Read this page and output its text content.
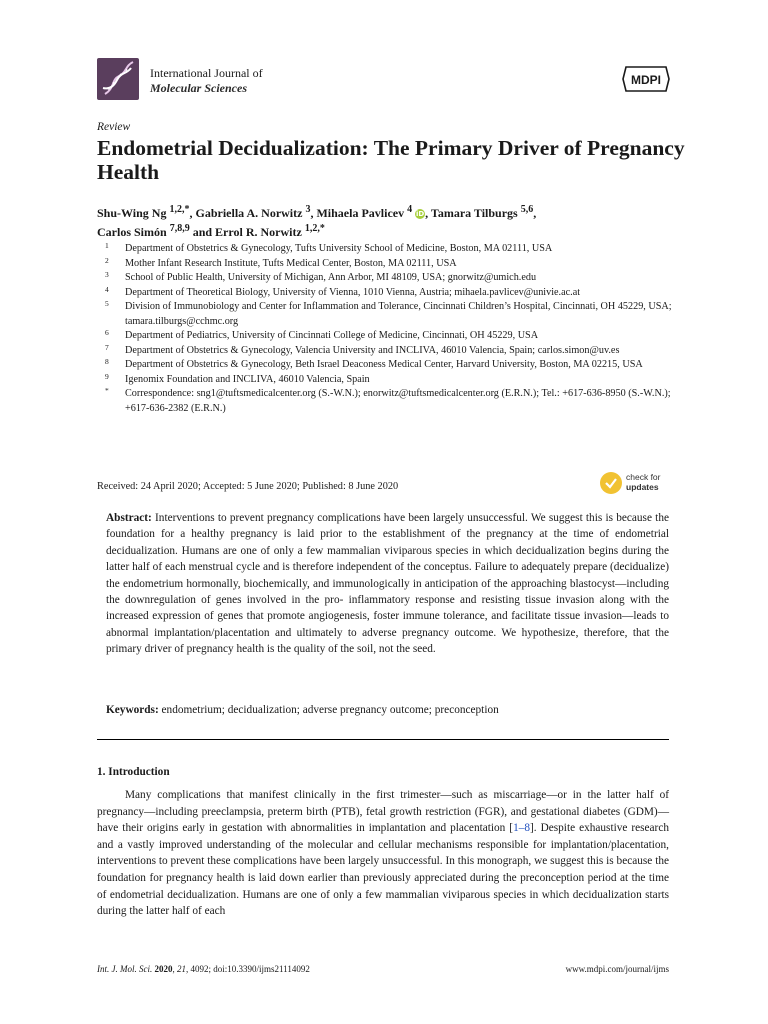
International Journal of
Molecular Sciences
MDPI
Review
Endometrial Decidualization: The Primary Driver of Pregnancy Health
Shu-Wing Ng $^{1,2,*}$, Gabriella A. Norwitz $^3$, Mihaela Pavlicev $^4$ iD, Tamara Tilburgs $^{5,6}$,
Carlos Simón $^{7,8,9}$ and Errol R. Norwitz $^{1,2,*}$
1 Department of Obstetrics & Gynecology, Tufts University School of Medicine, Boston, MA 02111, USA
2 Mother Infant Research Institute, Tufts Medical Center, Boston, MA 02111, USA
3 School of Public Health, University of Michigan, Ann Arbor, MI 48109, USA; gnorwitz@umich.edu
4 Department of Theoretical Biology, University of Vienna, 1010 Vienna, Austria; mihaela.pavlicev@univie.ac.at
5 Division of Immunobiology and Center for Inflammation and Tolerance, Cincinnati Children’s Hospital, Cincinnati, OH 45229, USA; tamara.tilburgs@cchmc.org
6 Department of Pediatrics, University of Cincinnati College of Medicine, Cincinnati, OH 45229, USA
7 Department of Obstetrics & Gynecology, Valencia University and INCLIVA, 46010 Valencia, Spain; carlos.simon@uv.es
8 Department of Obstetrics & Gynecology, Beth Israel Deaconess Medical Center, Harvard University, Boston, MA 02215, USA
9 Igenomix Foundation and INCLIVA, 46010 Valencia, Spain
* Correspondence: sng1@tuftsmedicalcenter.org (S.-W.N.); enorwitz@tuftsmedicalcenter.org (E.R.N.); Tel.: +617-636-8950 (S.-W.N.); +617-636-2382 (E.R.N.)
check for
updates
Received: 24 April 2020; Accepted: 5 June 2020; Published: 8 June 2020

Abstract: Interventions to prevent pregnancy complications have been largely unsuccessful. We suggest this is because the foundation for a healthy pregnancy is laid prior to the establishment of the pregnancy at the time of endometrial decidualization. Humans are one of only a few mammalian viviparous species in which decidualization begins during the latter half of each menstrual cycle and is therefore independent of the conceptus. Failure to adequately prepare (decidualize) the endometrium hormonally, biochemically, and immunologically in anticipation of the approaching blastocyst—including the downregulation of genes involved in the pro- inflammatory response and resisting tissue invasion along with the increased expression of genes that promote angiogenesis, foster immune tolerance, and facilitate tissue invasion—leads to abnormal implantation/placentation and ultimately to adverse pregnancy outcome. We hypothesize, therefore, that the primary driver of pregnancy health is the quality of the soil, not the seed.

Keywords: endometrium; decidualization; adverse pregnancy outcome; preconception

1. Introduction

Many complications that manifest clinically in the first trimester—such as miscarriage—or in the latter half of pregnancy—including preeclampsia, preterm birth (PTB), fetal growth restriction (FGR), and gestational diabetes (GDM)—have their origins early in gestation with abnormalities in implantation and placentation [1–8]. Despite exhaustive research and a vastly improved understanding of the molecular and cellular mechanisms responsible for implantation/placentation, interventions to prevent these complications have been largely unsuccessful. In this monograph, we suggest this is because the foundation for pregnancy health is laid down earlier than previously appreciated during the preconception period at the time of endometrial decidualization. Humans are one of only a few mammalian viviparous species in which decidualization starts during the latter half of each

Int. J. Mol. Sci. 2020, 21, 4092; doi:10.3390/ijms21114092	www.mdpi.com/journal/ijms
